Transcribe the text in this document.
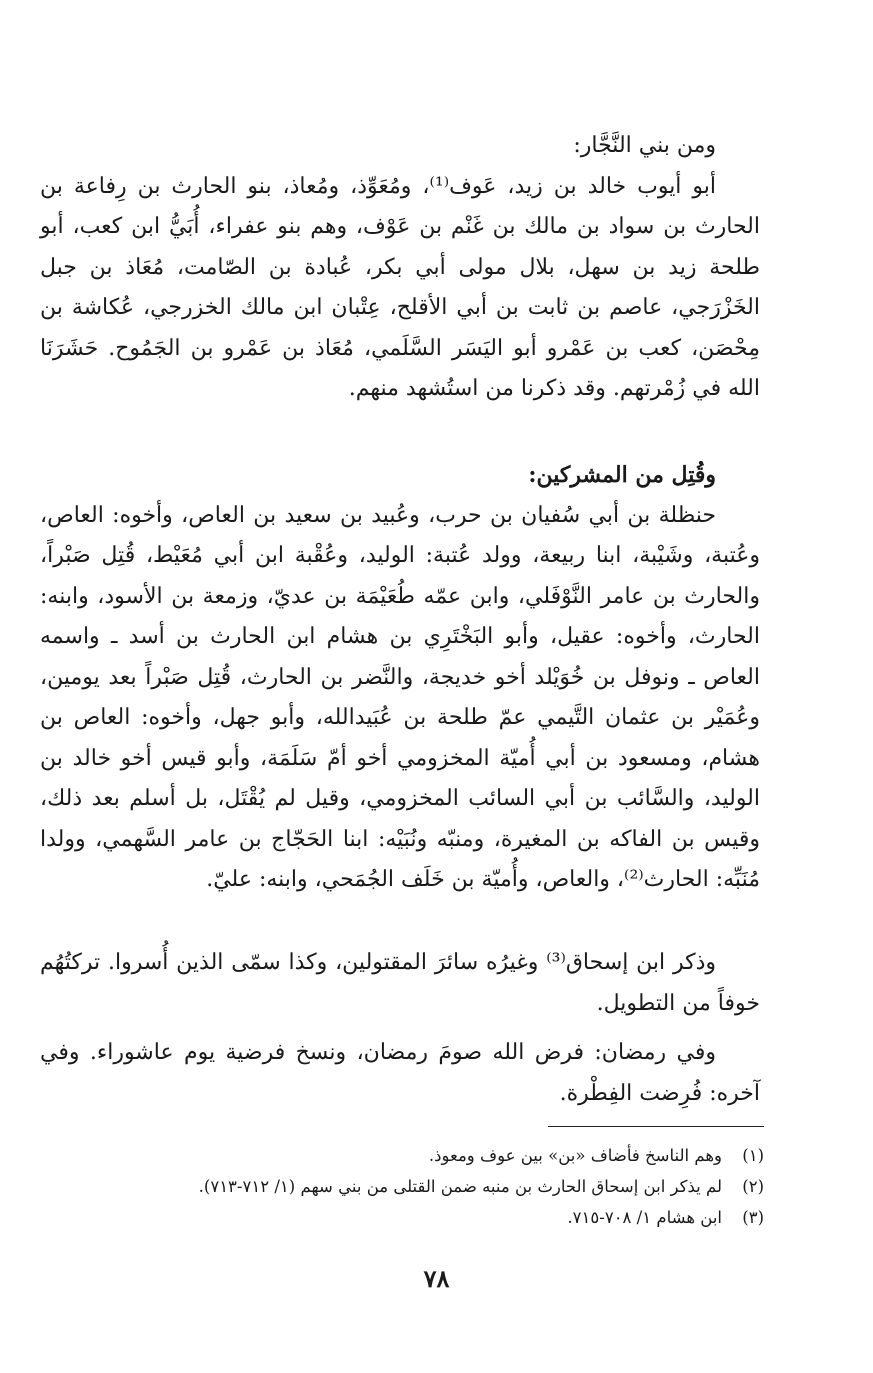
ومن بني النَّجَّار:

أبو أيوب خالد بن زيد، عَوف⁽¹⁾، ومُعَوِّذ، ومُعاذ، بنو الحارث بن رِفاعة بن الحارث بن سواد بن مالك بن غَنْم بن عَوْف، وهم بنو عفراء، أُبَيُّ ابن كعب، أبو طلحة زيد بن سهل، بلال مولى أبي بكر، عُبادة بن الصّامت، مُعَاذ بن جبل الخَزْرَجي، عاصم بن ثابت بن أبي الأقلح، عِتْبان ابن مالك الخزرجي، عُكاشة بن مِحْصَن، كعب بن عَمْرو أبو اليَسَر السَّلَمي، مُعَاذ بن عَمْرو بن الجَمُوح. حَشَرَنَا الله في زُمْرتهم. وقد ذكرنا من استُشهد منهم.

وقُتِل من المشركين:

حنظلة بن أبي سُفيان بن حرب، وعُبيد بن سعيد بن العاص، وأخوه: العاص، وعُتبة، وشَيْبة، ابنا ربيعة، وولد عُتبة: الوليد، وعُقْبة ابن أبي مُعَيْط، قُتِل صَبْراً، والحارث بن عامر النَّوْفَلي، وابن عمّه طُعَيْمَة بن عديّ، وزمعة بن الأسود، وابنه: الحارث، وأخوه: عقيل، وأبو البَخْتَرِي بن هشام ابن الحارث بن أسد ـ واسمه العاص ـ ونوفل بن خُوَيْلد أخو خديجة، والنَّضر بن الحارث، قُتِل صَبْراً بعد يومين، وعُمَيْر بن عثمان التَّيمي عمّ طلحة بن عُبَيدالله، وأبو جهل، وأخوه: العاص بن هشام، ومسعود بن أبي أُميّة المخزومي أخو أمّ سَلَمَة، وأبو قيس أخو خالد بن الوليد، والسَّائب بن أبي السائب المخزومي، وقيل لم يُقْتَل، بل أسلم بعد ذلك، وقيس بن الفاكه بن المغيرة، ومنبّه ونُبَيْه: ابنا الحَجّاج بن عامر السَّهمي، وولدا مُنَبِّه: الحارث⁽²⁾، والعاص، وأُميّة بن خَلَف الجُمَحي، وابنه: عليّ.

وذكر ابن إسحاق⁽³⁾ وغيرُه سائرَ المقتولين، وكذا سمّى الذين أُسروا. تركتُهُم خوفاً من التطويل.

وفي رمضان: فرض الله صومَ رمضان، ونسخ فرضية يوم عاشوراء. وفي آخره: فُرِضت الفِطْرة.

(١)
وهم الناسخ فأضاف «بن» بين عوف ومعوذ.
(٢)
لم يذكر ابن إسحاق الحارث بن منبه ضمن القتلى من بني سهم (١/ ٧١٢-٧١٣).
(٣)
ابن هشام ١/ ٧٠٨-٧١٥.
٧٨
